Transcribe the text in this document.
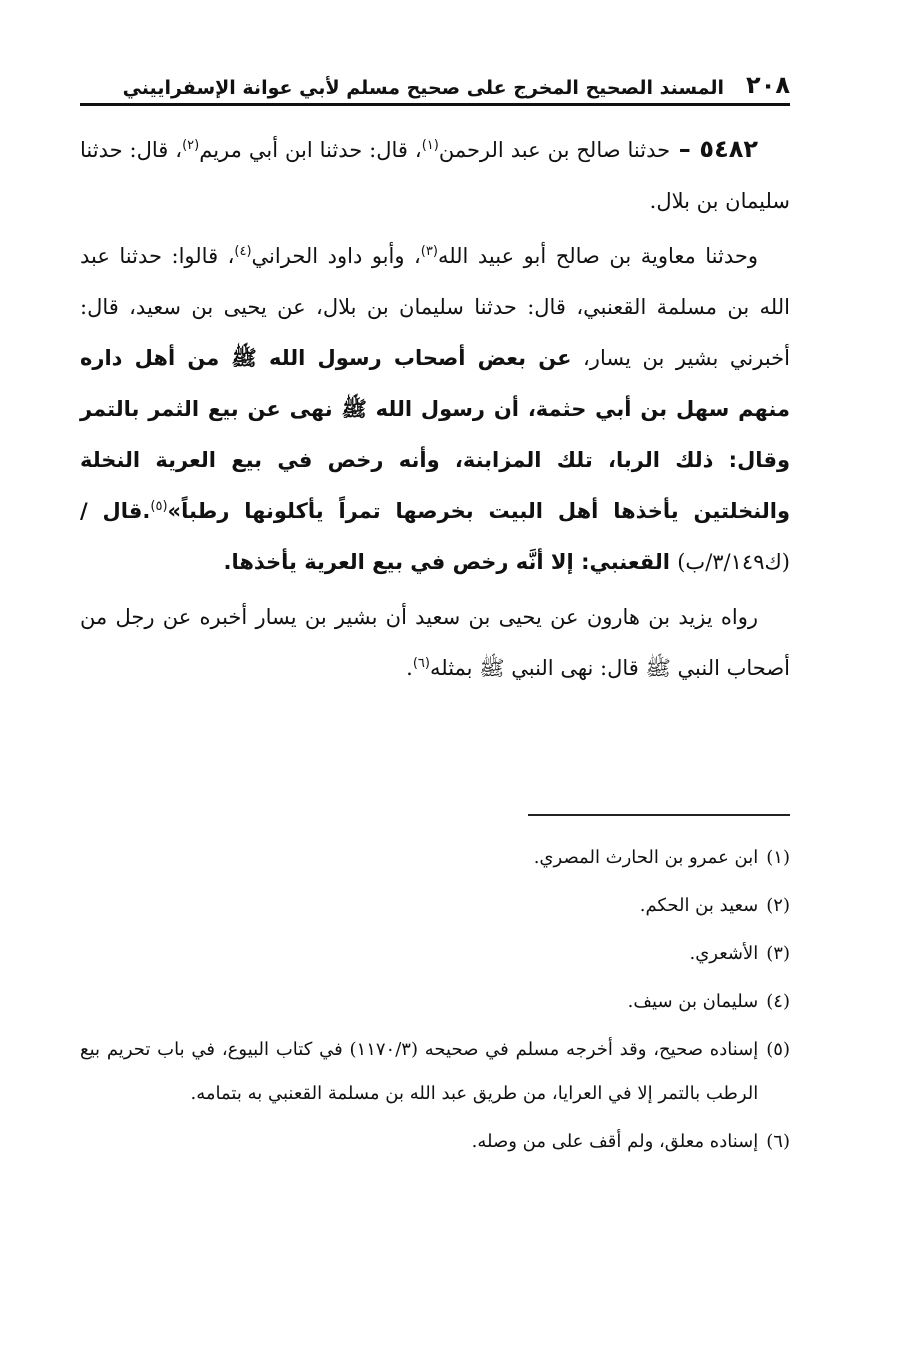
٢٠٨
المسند الصحيح المخرج على صحيح مسلم لأبي عوانة الإسفراييني

٥٤٨٢ – حدثنا صالح بن عبد الرحمن$^{(١)}$، قال: حدثنا ابن أبي مريم$^{(٢)}$، قال: حدثنا سليمان بن بلال.

وحدثنا معاوية بن صالح أبو عبيد الله$^{(٣)}$، وأبو داود الحراني$^{(٤)}$، قالوا: حدثنا عبد الله بن مسلمة القعنبي، قال: حدثنا سليمان بن بلال، عن يحيى بن سعيد، قال: أخبرني بشير بن يسار، عن بعض أصحاب رسول الله ﷺ من أهل داره منهم سهل بن أبي حثمة، أن رسول الله ﷺ نهى عن بيع الثمر بالتمر وقال: ذلك الربا، تلك المزابنة، وأنه رخص في بيع العرية النخلة والنخلتين يأخذها أهل البيت بخرصها تمراً يأكلونها رطباً»$^{(٥)}$.قال / (ك٣/١٤٩/ب) القعنبي: إلا أنَّه رخص في بيع العرية يأخذها.

رواه يزيد بن هارون عن يحيى بن سعيد أن بشير بن يسار أخبره عن رجل من أصحاب النبي ﷺ قال: نهى النبي ﷺ بمثله$^{(٦)}$.

(١)
ابن عمرو بن الحارث المصري.
(٢)
سعيد بن الحكم.
(٣)
الأشعري.
(٤)
سليمان بن سيف.
(٥)
إسناده صحيح، وقد أخرجه مسلم في صحيحه (١١٧٠/٣) في كتاب البيوع، في باب تحريم بيع الرطب بالتمر إلا في العرايا، من طريق عبد الله بن مسلمة القعنبي به بتمامه.
(٦)
إسناده معلق، ولم أقف على من وصله.
